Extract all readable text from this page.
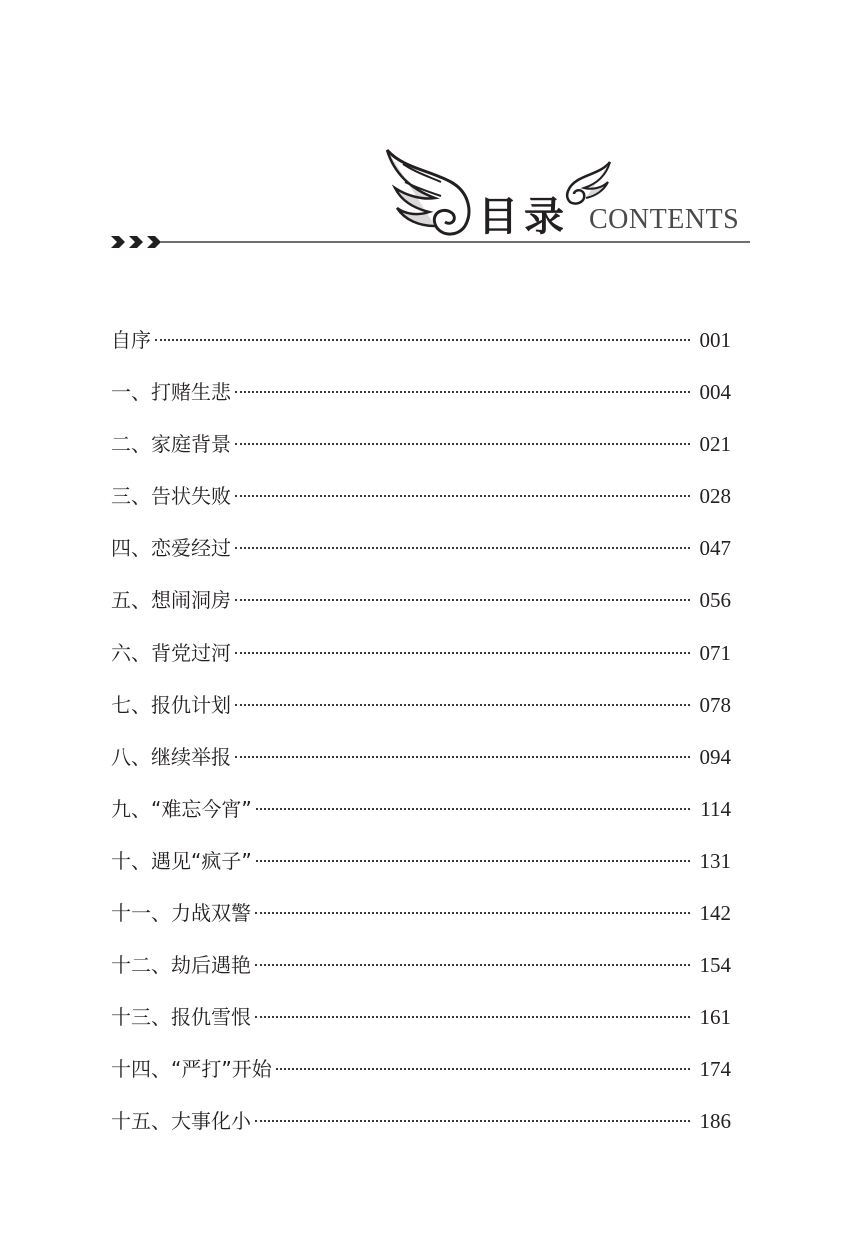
目录 CONTENTS
自序	001
一、打赌生悲	004
二、家庭背景	021
三、告状失败	028
四、恋爱经过	047
五、想闹洞房	056
六、背党过河	071
七、报仇计划	078
八、继续举报	094
九、“难忘今宵”	114
十、遇见“疯子”	131
十一、力战双警	142
十二、劫后遇艳	154
十三、报仇雪恨	161
十四、“严打”开始	174
十五、大事化小	186
